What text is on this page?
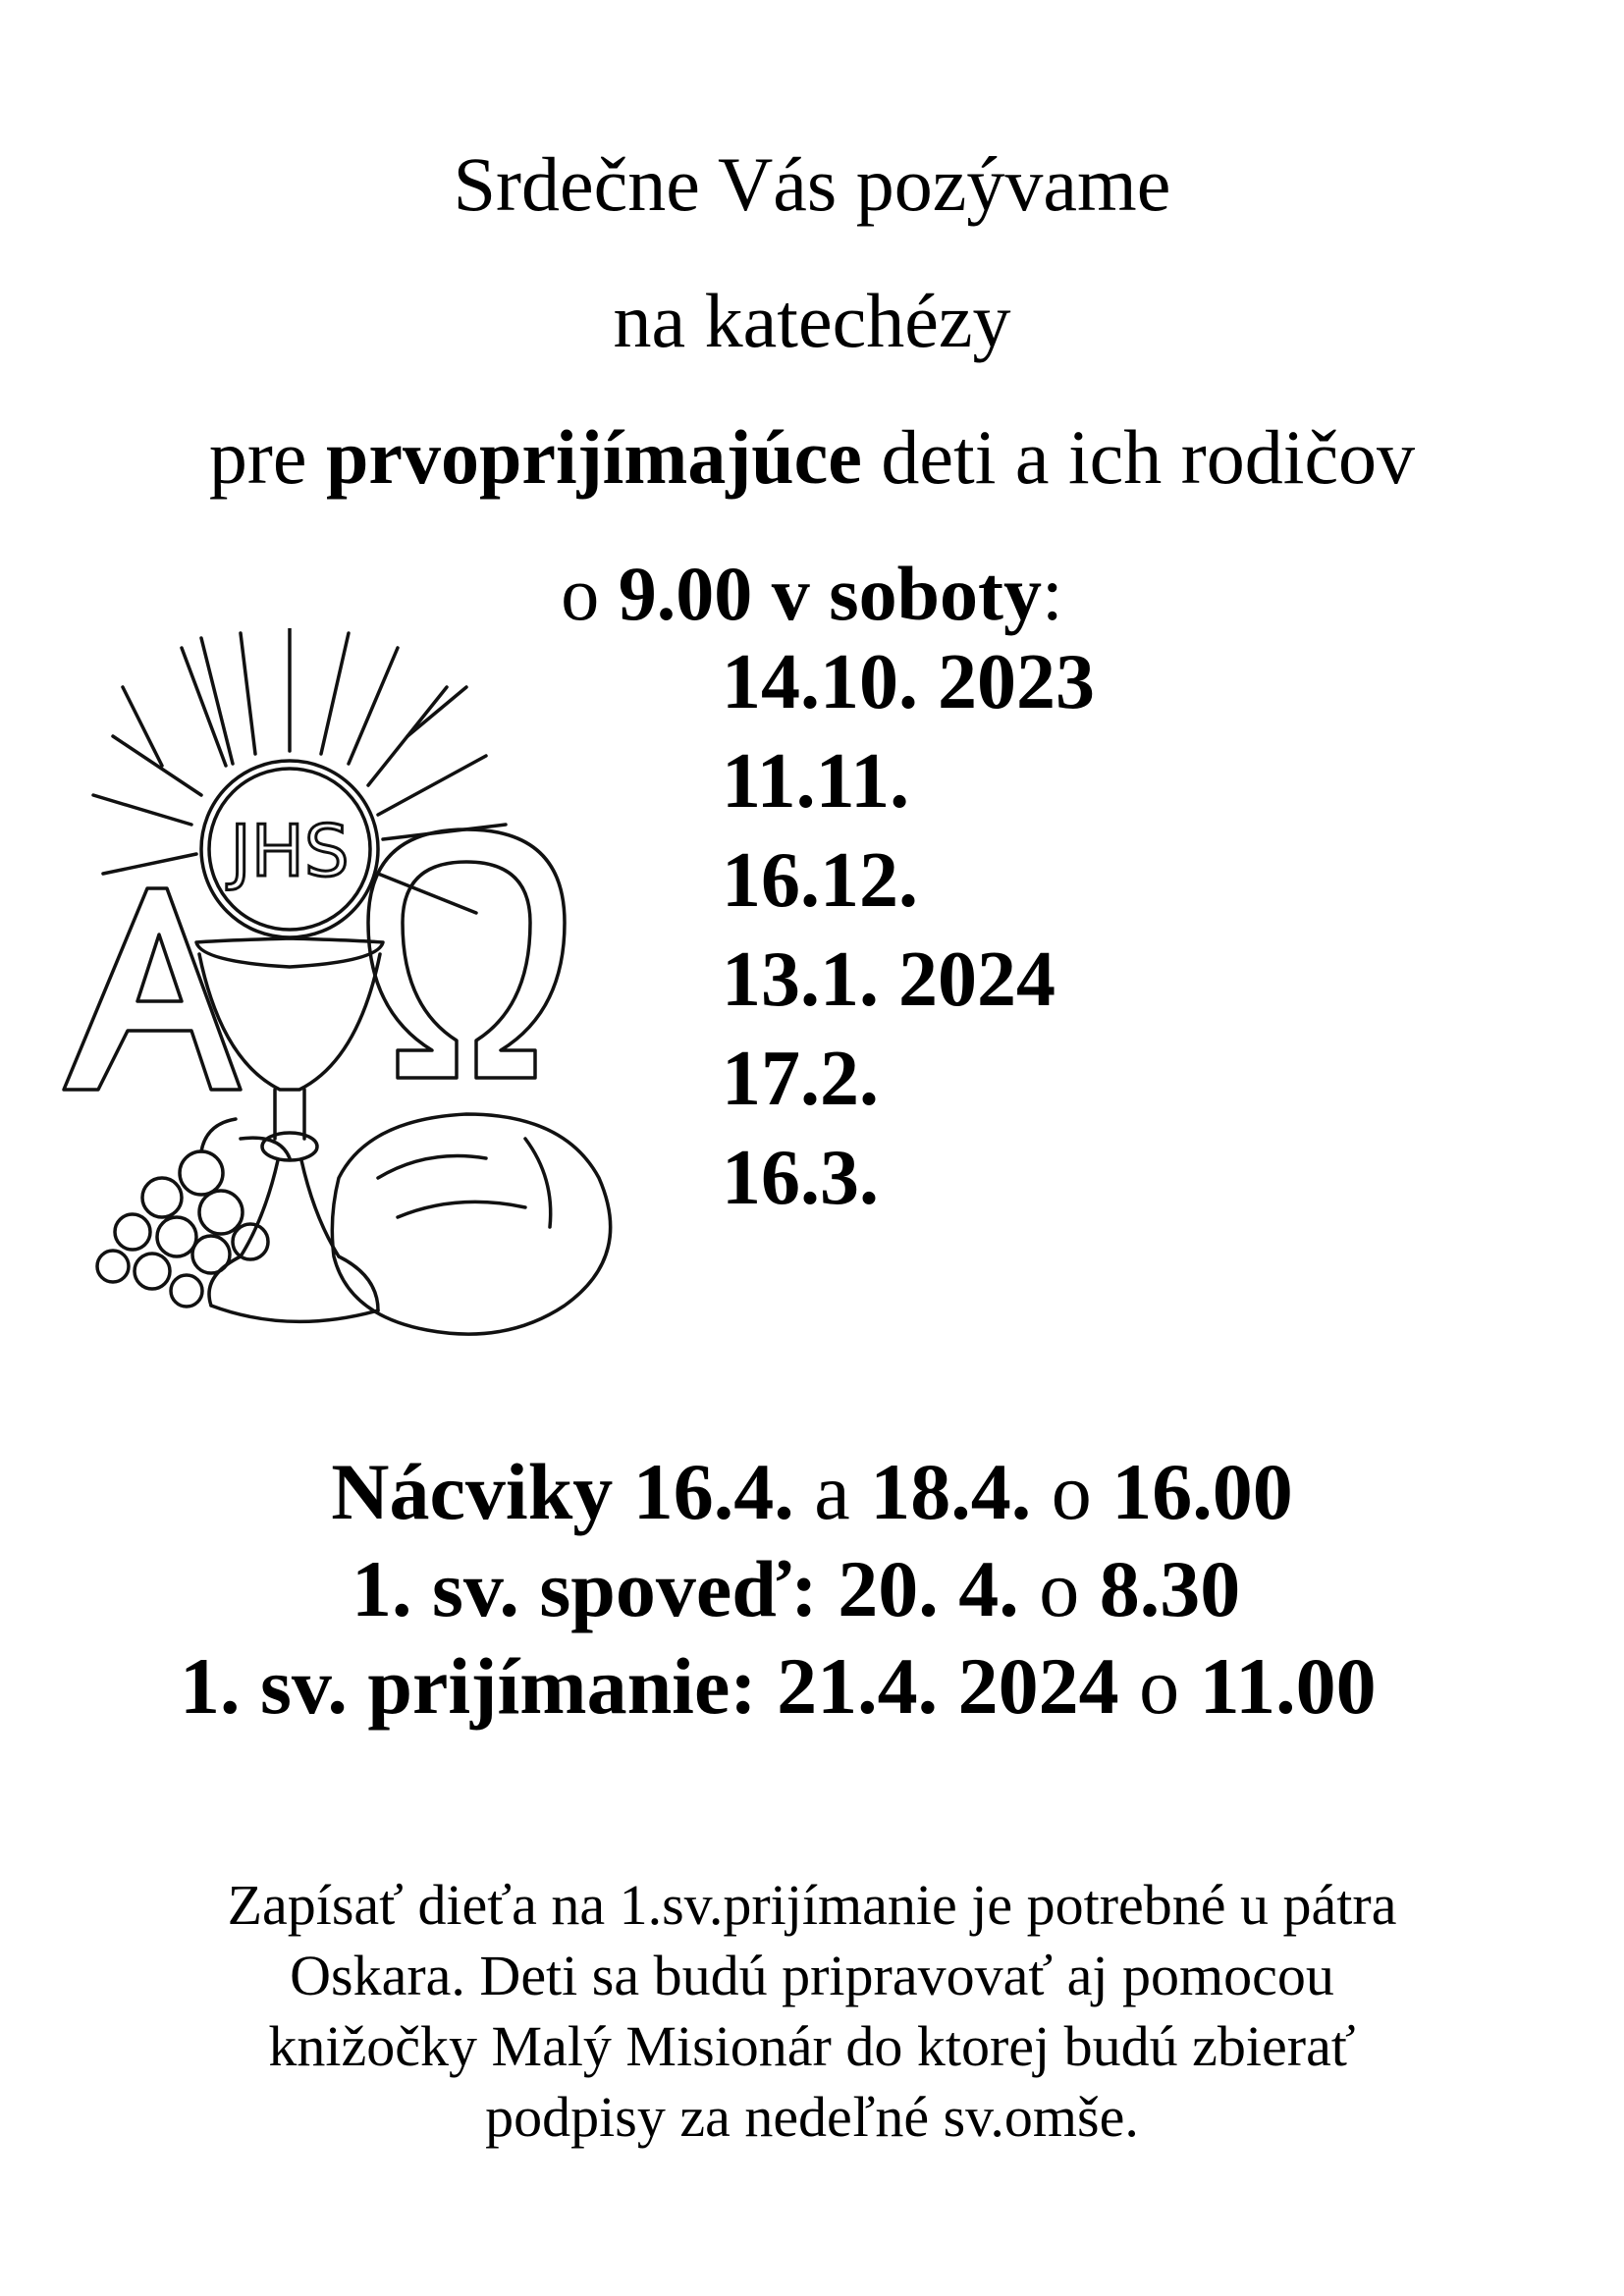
Srdečne Vás pozývame
na katechézy
pre prvoprijímajúce deti a ich rodičov
o 9.00 v soboty:
JHS
14.10. 2023
11.11.
16.12.
13.1. 2024
17.2.
16.3.
Nácviky 16.4. a 18.4. o 16.00
1. sv. spoveď: 20. 4. o 8.30
1. sv. prijímanie: 21.4. 2024 o 11.00
Zapísať dieťa na 1.sv.prijímanie je potrebné u pátra
Oskara. Deti sa budú pripravovať aj pomocou
knižočky Malý Misionár do ktorej budú zbierať
podpisy za nedeľné sv.omše.
